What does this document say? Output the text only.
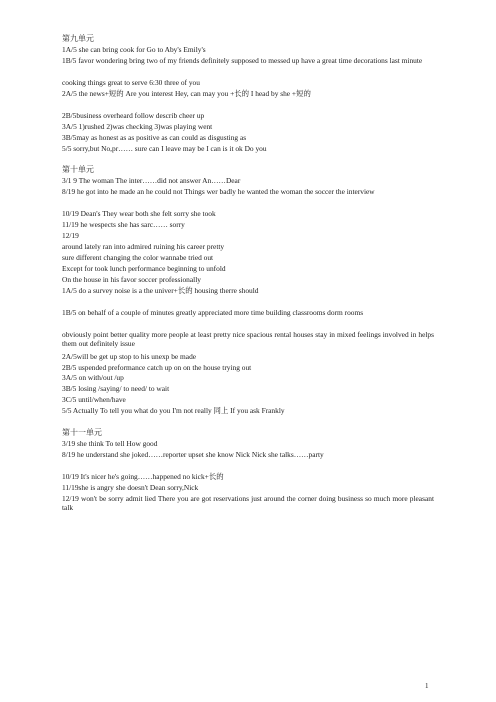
第九单元
1A/5 she can bring cook for Go to Aby's Emily's
1B/5 favor wondering bring two of my friends definitely supposed to messed up have a great time decorations last minute
cooking things great to serve 6:30 three of you
2A/5 the news+短的 Are you interest Hey, can may you +长的 I head by she +短的
2B/5business overheard follow describ cheer up
3A/5 1)rushed 2)was checking 3)was playing went
3B/5may as honest as as positive as can could as disgusting as
5/5 sorry,but No,pr…… sure can I leave may be I can is it ok Do you
第十单元
3/1 9 The woman The inter……did not answer An……Dear
8/19 he got into he made an he could not Things wer badly he wanted the woman the soccer the interview
10/19 Dean's They wear both she felt sorry she took
11/19 he wespects she has sarc…… sorry
12/19
around lately ran into admired ruining his career pretty
sure different changing the color wannabe tried out
Except for took lunch performance beginning to unfold
On the house in his favor soccer professionally
1A/5 do a survey noise is a the univer+长的 housing therre should
1B/5 on behalf of a couple of minutes greatly appreciated more time building classrooms dorm rooms
obviously point better quality more people at least pretty nice spacious rental houses stay in mixed feelings involved in helps them out definitely issue
2A/5will be get up stop to his unexp be made
2B/5 uspended preformance catch up on on the house trying out
3A/5 on with/out /up
3B/5 losing /saying/ to need/ to wait
3C/5 until/when/have
5/5 Actually To tell you what do you I'm not really 同上 If you ask Frankly
第十一单元
3/19 she think To tell How good
8/19 he understand she joked……reporter upset she know Nick Nick she talks……party
10/19 It's nicer he's going……happened no kick+长的
11/19she is angry she doesn't Dean sorry,Nick
12/19 won't be sorry admit lied There you are got reservations just around the corner doing business so much more pleasant talk
1
